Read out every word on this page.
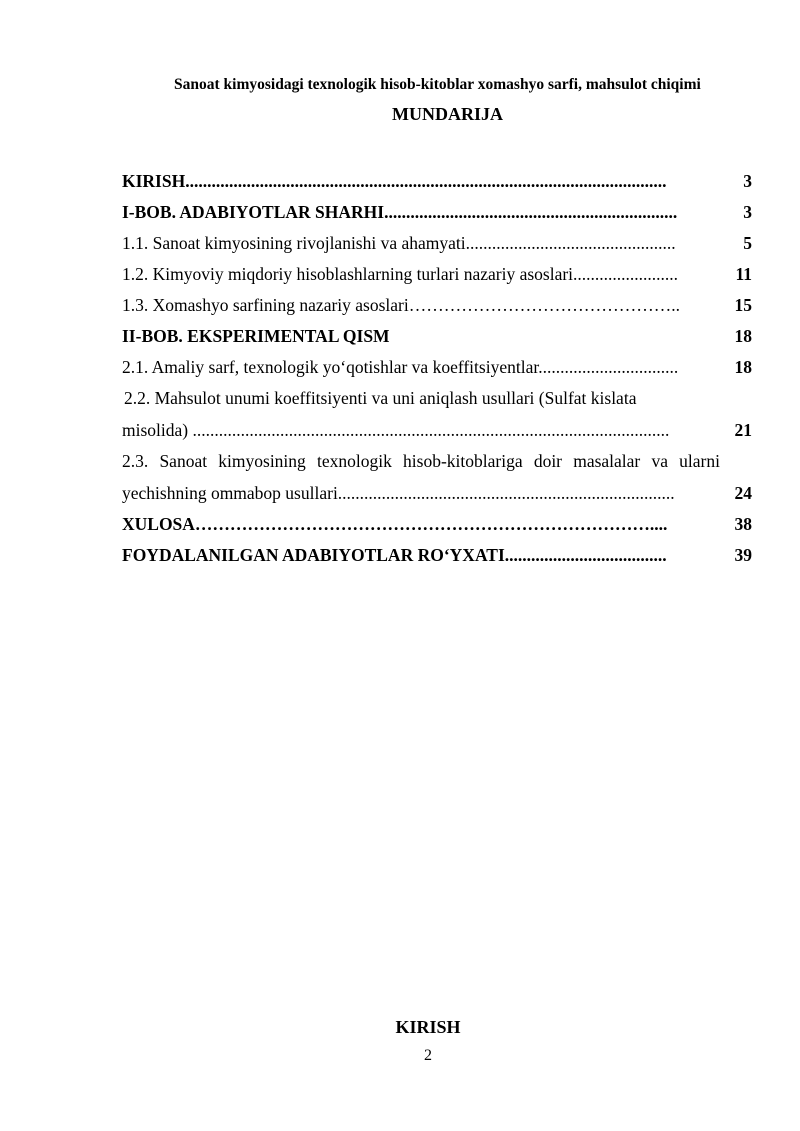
Sanoat kimyosidagi texnologik hisob-kitoblar xomashyo sarfi, mahsulot chiqimi
MUNDARIJA
KIRISH..............................................................................................................	3
I-BOB. ADABIYOTLAR SHARHI...................................................................	3
1.1. Sanoat kimyosining rivojlanishi va ahamyati................................................	5
1.2. Kimyoviy miqdoriy hisoblashlarning turlari nazariy asoslari........................	11
1.3. Xomashyo sarfining nazariy asoslari………………………………………..	15
II-BOB. EKSPERIMENTAL QISM	18
2.1. Amaliy sarf, texnologik yo‘qotishlar va koeffitsiyentlar................................	18
2.2. Mahsulot unumi koeffitsiyenti va uni aniqlash usullari (Sulfat kislata
misolida) .............................................................................................................	21
2.3. Sanoat kimyosining texnologik hisob-kitoblariga doir masalalar va ularni
yechishning ommabop usullari.............................................................................	24
XULOSA……………………………………………………………………....	38
FOYDALANILGAN ADABIYOTLAR RO‘YXATI.....................................	39
KIRISH
2
